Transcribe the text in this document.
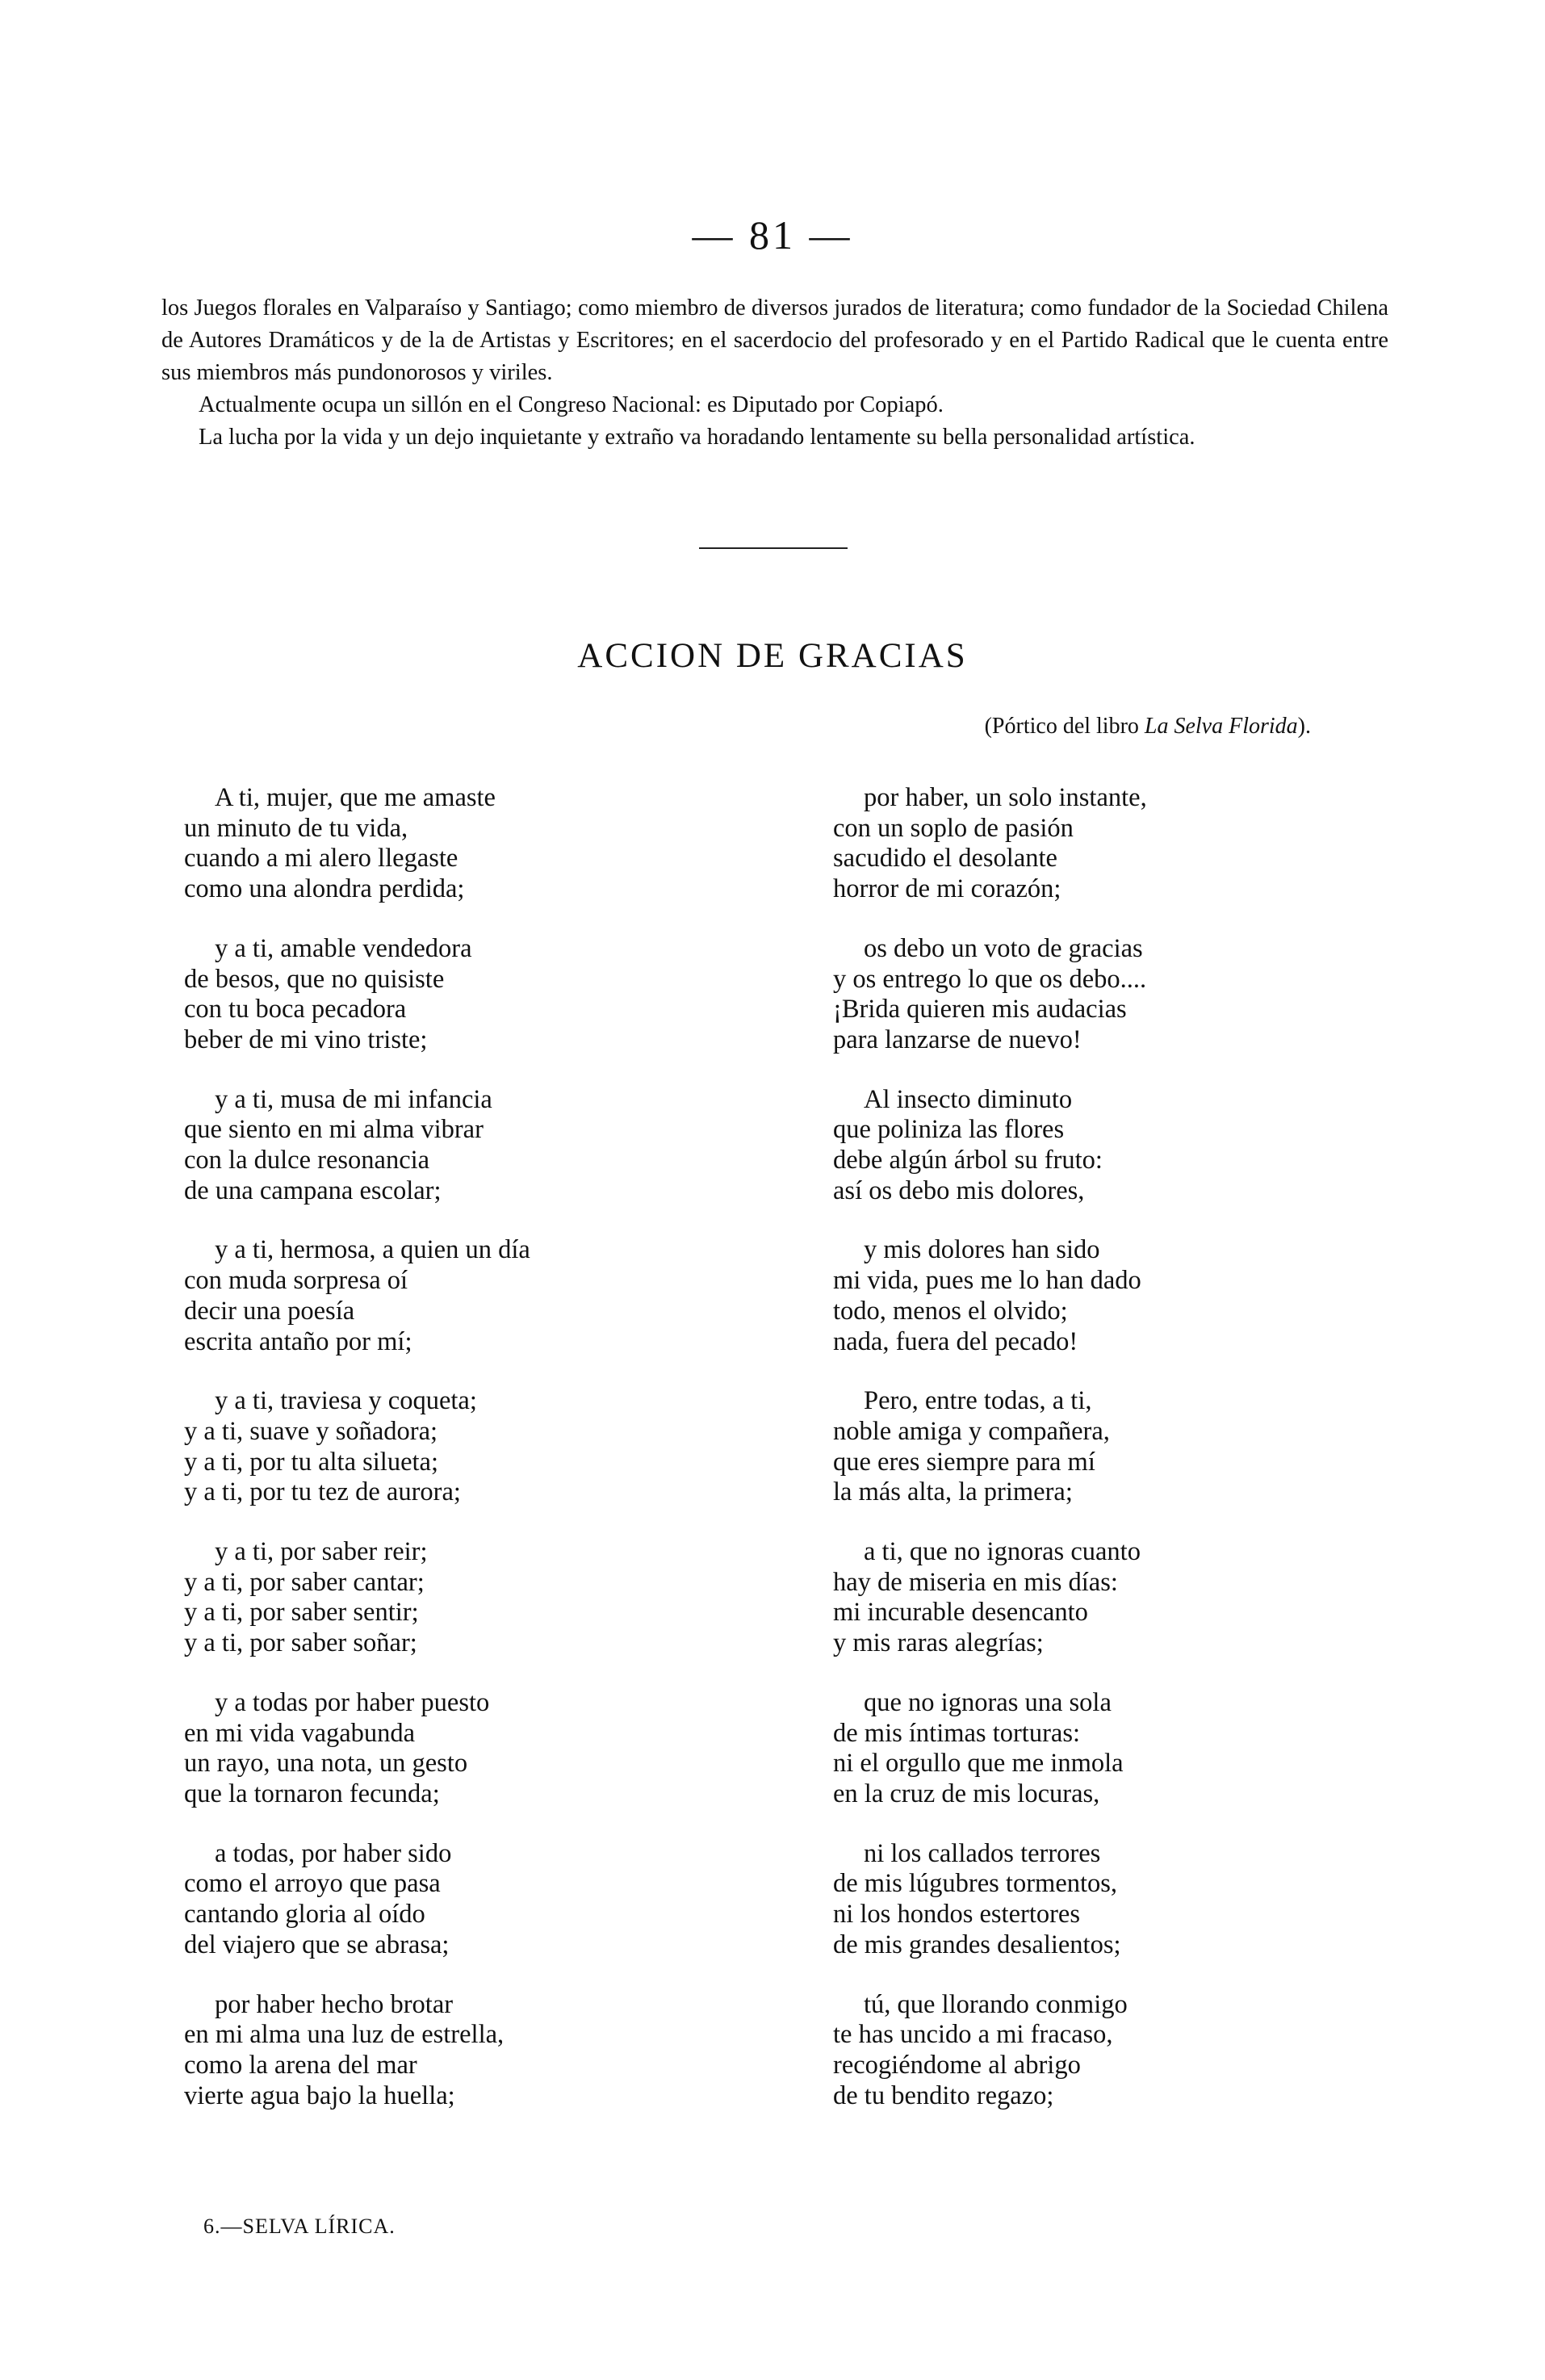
— 81 —

los Juegos florales en Valparaíso y Santiago; como miembro de diversos jurados de literatura; como fundador de la Sociedad Chilena de Autores Dramáticos y de la de Artistas y Escritores; en el sacerdocio del profesorado y en el Partido Radical que le cuenta entre sus miembros más pundonorosos y viriles.

Actualmente ocupa un sillón en el Congreso Nacional: es Diputado por Copiapó.

La lucha por la vida y un dejo inquietante y extraño va horadando lentamente su bella personalidad artística.

ACCION DE GRACIAS
(Pórtico del libro La Selva Florida).
A ti, mujer, que me amaste
un minuto de tu vida,
cuando a mi alero llegaste
como una alondra perdida;
y a ti, amable vendedora
de besos, que no quisiste
con tu boca pecadora
beber de mi vino triste;
y a ti, musa de mi infancia
que siento en mi alma vibrar
con la dulce resonancia
de una campana escolar;
y a ti, hermosa, a quien un día
con muda sorpresa oí
decir una poesía
escrita antaño por mí;
y a ti, traviesa y coqueta;
y a ti, suave y soñadora;
y a ti, por tu alta silueta;
y a ti, por tu tez de aurora;
y a ti, por saber reir;
y a ti, por saber cantar;
y a ti, por saber sentir;
y a ti, por saber soñar;
y a todas por haber puesto
en mi vida vagabunda
un rayo, una nota, un gesto
que la tornaron fecunda;
a todas, por haber sido
como el arroyo que pasa
cantando gloria al oído
del viajero que se abrasa;
por haber hecho brotar
en mi alma una luz de estrella,
como la arena del mar
vierte agua bajo la huella;
por haber, un solo instante,
con un soplo de pasión
sacudido el desolante
horror de mi corazón;
os debo un voto de gracias
y os entrego lo que os debo....
¡Brida quieren mis audacias
para lanzarse de nuevo!
Al insecto diminuto
que poliniza las flores
debe algún árbol su fruto:
así os debo mis dolores,
y mis dolores han sido
mi vida, pues me lo han dado
todo, menos el olvido;
nada, fuera del pecado!
Pero, entre todas, a ti,
noble amiga y compañera,
que eres siempre para mí
la más alta, la primera;
a ti, que no ignoras cuanto
hay de miseria en mis días:
mi incurable desencanto
y mis raras alegrías;
que no ignoras una sola
de mis íntimas torturas:
ni el orgullo que me inmola
en la cruz de mis locuras,
ni los callados terrores
de mis lúgubres tormentos,
ni los hondos estertores
de mis grandes desalientos;
tú, que llorando conmigo
te has uncido a mi fracaso,
recogiéndome al abrigo
de tu bendito regazo;
6.—SELVA LÍRICA.
